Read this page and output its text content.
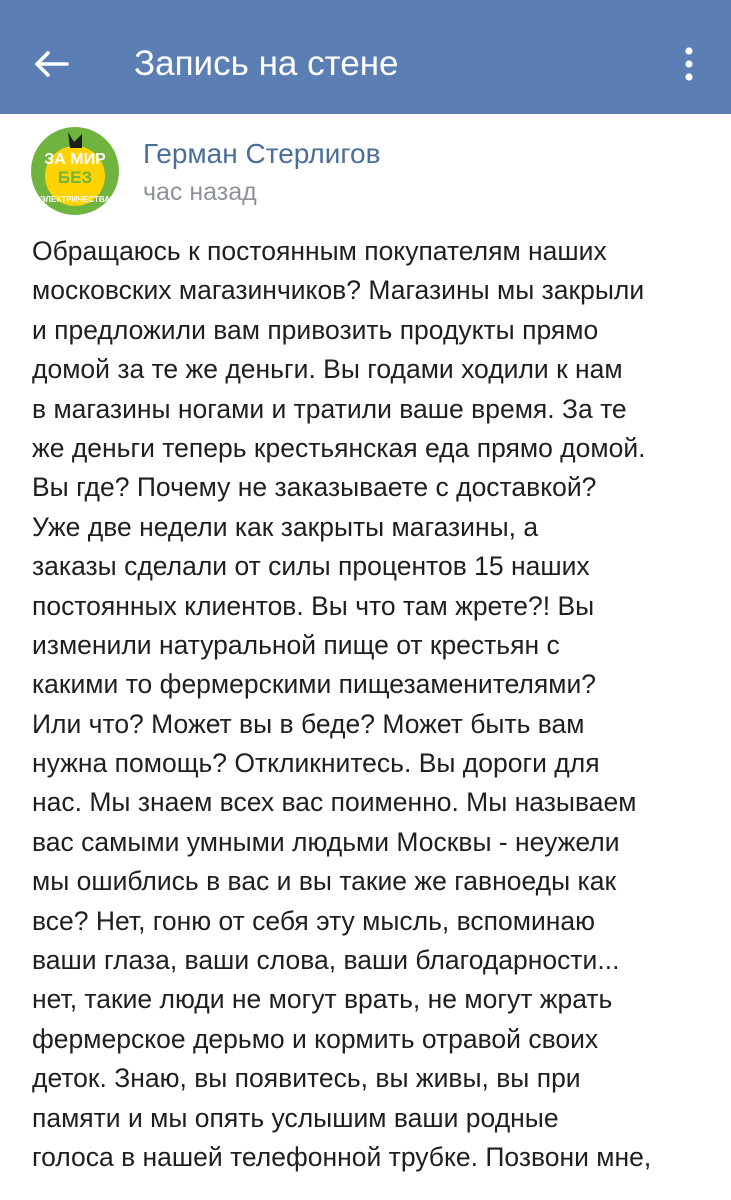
Запись на стене
ЗА МИР
БЕЗ
ЭЛЕКТРИЧЕСТВА
Герман Стерлигов
час назад
Обращаюсь к постоянным покупателям наших
московских магазинчиков? Магазины мы закрыли
и предложили вам привозить продукты прямо
домой за те же деньги. Вы годами ходили к нам
в магазины ногами и тратили ваше время. За те
же деньги теперь крестьянская еда прямо домой.
Вы где? Почему не заказываете с доставкой?
Уже две недели как закрыты магазины, а
заказы сделали от силы процентов 15 наших
постоянных клиентов. Вы что там жрете?! Вы
изменили натуральной пище от крестьян с
какими то фермерскими пищезаменителями?
Или что? Может вы в беде? Может быть вам
нужна помощь? Откликнитесь. Вы дороги для
нас. Мы знаем всех вас поименно. Мы называем
вас самыми умными людьми Москвы - неужели
мы ошиблись в вас и вы такие же гавноеды как
все? Нет, гоню от себя эту мысль, вспоминаю
ваши глаза, ваши слова, ваши благодарности...
нет, такие люди не могут врать, не могут жрать
фермерское дерьмо и кормить отравой своих
деток. Знаю, вы появитесь, вы живы, вы при
памяти и мы опять услышим ваши родные
голоса в нашей телефонной трубке. Позвони мне,
